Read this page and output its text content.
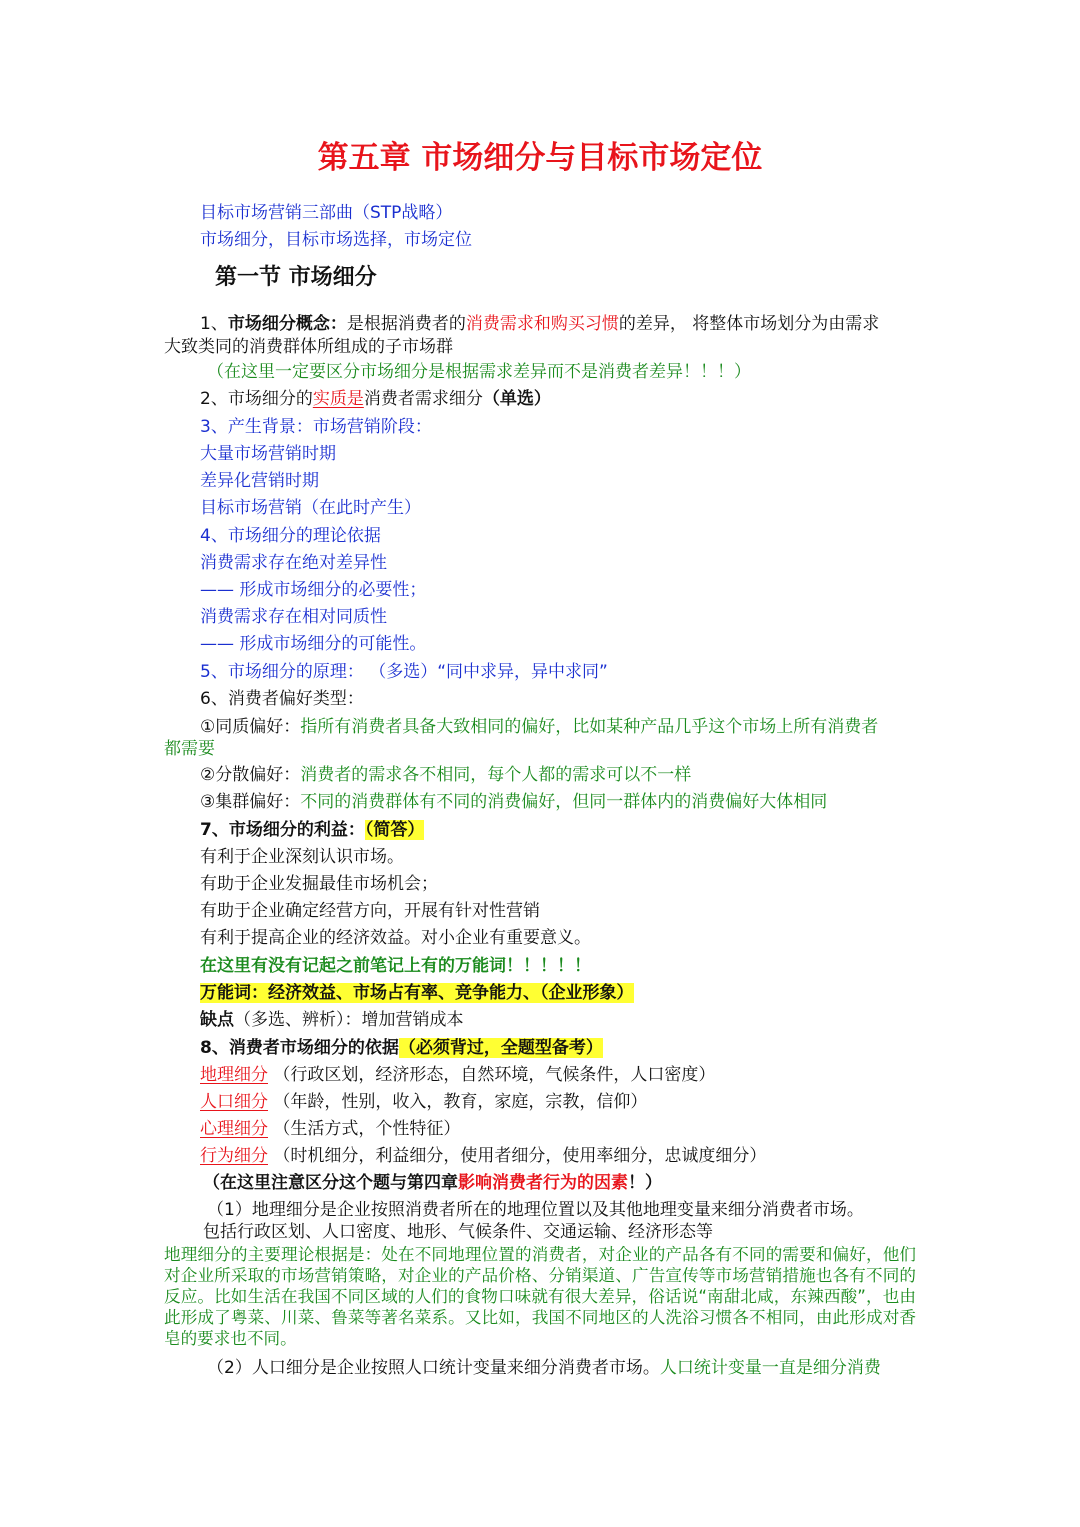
第五章 市场细分与目标市场定位
目标市场营销三部曲（STP战略）
市场细分，目标市场选择，市场定位
第一节 市场细分
1、市场细分概念：是根据消费者的消费需求和购买习惯的差异， 将整体市场划分为由需求
大致类同的消费群体所组成的子市场群
（在这里一定要区分市场细分是根据需求差异而不是消费者差异！！！）
2、市场细分的实质是消费者需求细分（单选）
3、产生背景：市场营销阶段：
大量市场营销时期
差异化营销时期
目标市场营销（在此时产生）
4、市场细分的理论依据
消费需求存在绝对差异性
—— 形成市场细分的必要性；
消费需求存在相对同质性
—— 形成市场细分的可能性。
5、市场细分的原理： （多选）“同中求异，异中求同”
6、消费者偏好类型：
①同质偏好：指所有消费者具备大致相同的偏好，比如某种产品几乎这个市场上所有消费者
都需要
②分散偏好：消费者的需求各不相同，每个人都的需求可以不一样
③集群偏好：不同的消费群体有不同的消费偏好，但同一群体内的消费偏好大体相同
7、市场细分的利益：（简答）
有利于企业深刻认识市场。
有助于企业发掘最佳市场机会；
有助于企业确定经营方向，开展有针对性营销
有利于提高企业的经济效益。对小企业有重要意义。
在这里有没有记起之前笔记上有的万能词！！！！！
万能词：经济效益、市场占有率、竞争能力、（企业形象）
缺点（多选、辨析）：增加营销成本
8、消费者市场细分的依据（必须背过，全题型备考）
地理细分 （行政区划，经济形态，自然环境，气候条件，人口密度）
人口细分 （年龄，性别，收入，教育，家庭，宗教，信仰）
心理细分 （生活方式，个性特征）
行为细分 （时机细分，利益细分，使用者细分，使用率细分，忠诚度细分）
（在这里注意区分这个题与第四章影响消费者行为的因素！）
（1）地理细分是企业按照消费者所在的地理位置以及其他地理变量来细分消费者市场。
包括行政区划、人口密度、地形、气候条件、交通运输、经济形态等
地理细分的主要理论根据是：处在不同地理位置的消费者，对企业的产品各有不同的需要和偏好，他们对企业所采取的市场营销策略，对企业的产品价格、分销渠道、广告宣传等市场营销措施也各有不同的反应。比如生活在我国不同区域的人们的食物口味就有很大差异，俗话说“南甜北咸，东辣西酸”，也由此形成了粤菜、川菜、鲁菜等著名菜系。又比如，我国不同地区的人洗浴习惯各不相同，由此形成对香皂的要求也不同。
（2）人口细分是企业按照人口统计变量来细分消费者市场。人口统计变量一直是细分消费
